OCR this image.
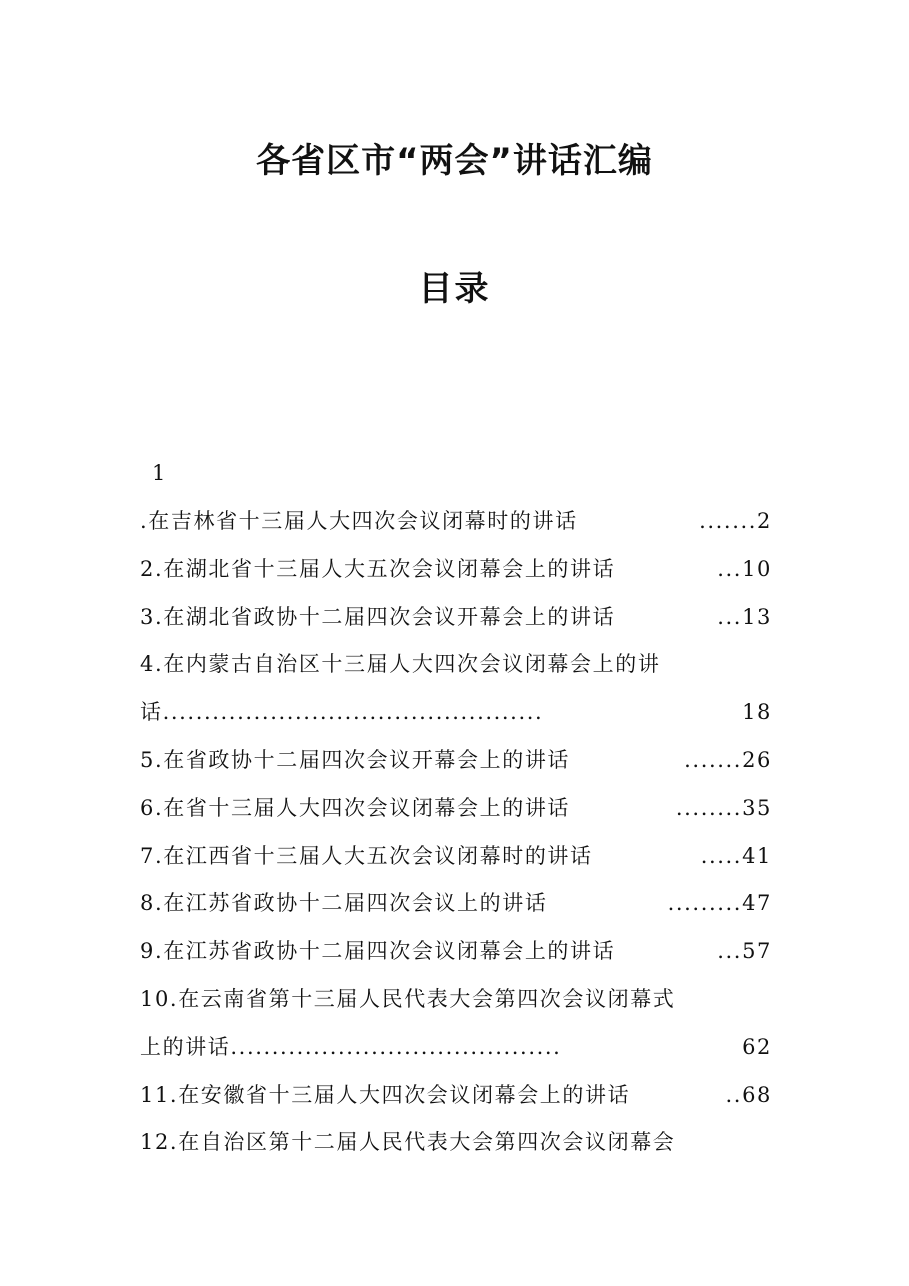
各省区市“两会”讲话汇编
目录
1
.在吉林省十三届人大四次会议闭幕时的讲话	.......2
2.在湖北省十三届人大五次会议闭幕会上的讲话	...10
3.在湖北省政协十二届四次会议开幕会上的讲话	...13
4.在内蒙古自治区十三届人大四次会议闭幕会上的讲
话..............................................	18
5.在省政协十二届四次会议开幕会上的讲话	.......26
6.在省十三届人大四次会议闭幕会上的讲话	........35
7.在江西省十三届人大五次会议闭幕时的讲话	.....41
8.在江苏省政协十二届四次会议上的讲话	.........47
9.在江苏省政协十二届四次会议闭幕会上的讲话	...57
10.在云南省第十三届人民代表大会第四次会议闭幕式
上的讲话........................................	62
11.在安徽省十三届人大四次会议闭幕会上的讲话	..68
12.在自治区第十二届人民代表大会第四次会议闭幕会
